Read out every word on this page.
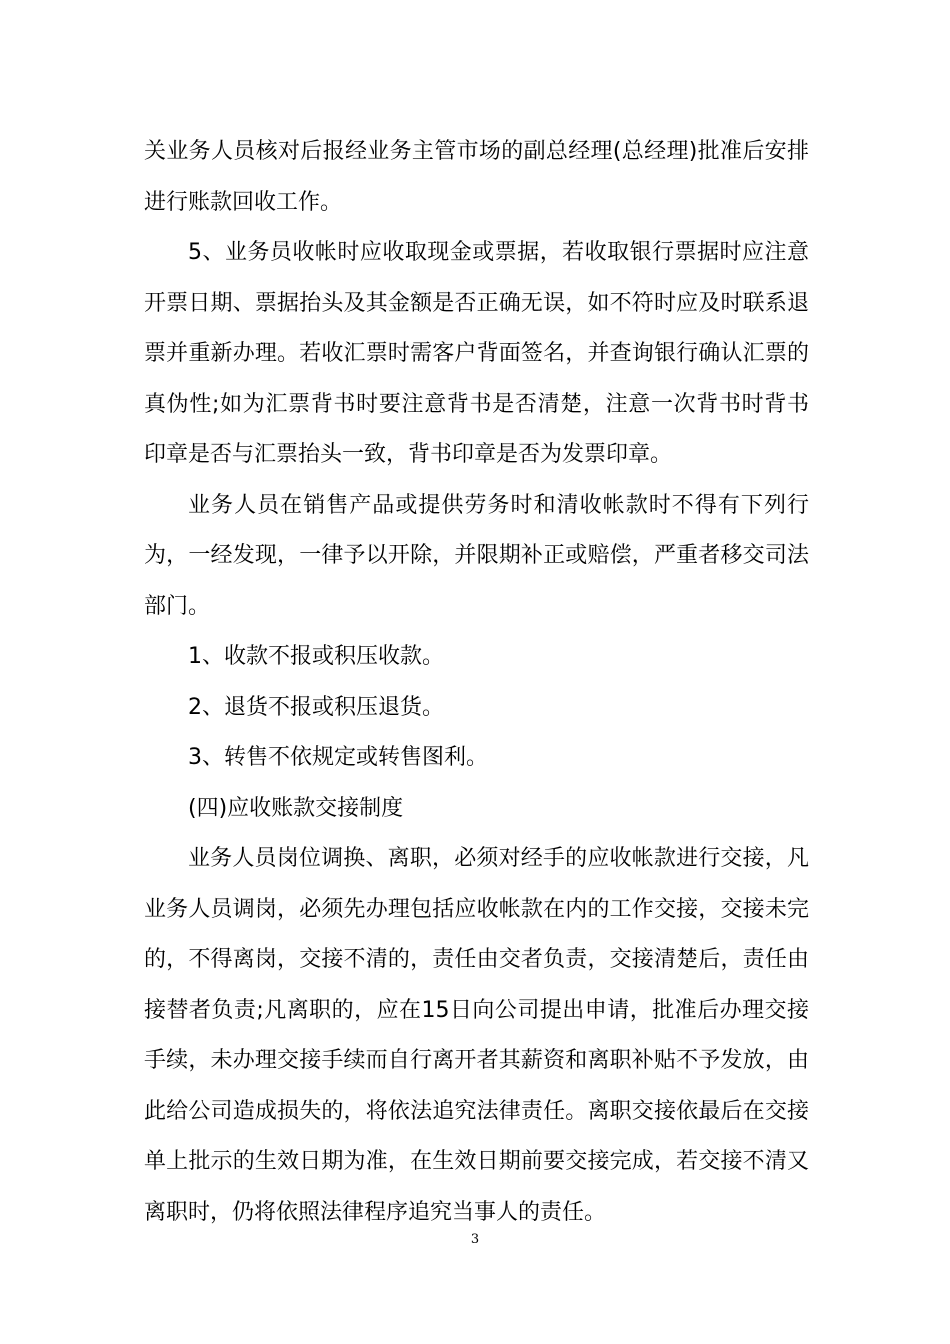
关业务人员核对后报经业务主管市场的副总经理(总经理)批准后安排进行账款回收工作。

5、业务员收帐时应收取现金或票据，若收取银行票据时应注意开票日期、票据抬头及其金额是否正确无误，如不符时应及时联系退票并重新办理。若收汇票时需客户背面签名，并查询银行确认汇票的真伪性;如为汇票背书时要注意背书是否清楚，注意一次背书时背书印章是否与汇票抬头一致，背书印章是否为发票印章。

业务人员在销售产品或提供劳务时和清收帐款时不得有下列行为，一经发现，一律予以开除，并限期补正或赔偿，严重者移交司法部门。

1、收款不报或积压收款。

2、退货不报或积压退货。

3、转售不依规定或转售图利。

(四)应收账款交接制度

业务人员岗位调换、离职，必须对经手的应收帐款进行交接，凡业务人员调岗，必须先办理包括应收帐款在内的工作交接，交接未完的，不得离岗，交接不清的，责任由交者负责，交接清楚后，责任由接替者负责;凡离职的，应在15日向公司提出申请，批准后办理交接手续，未办理交接手续而自行离开者其薪资和离职补贴不予发放，由此给公司造成损失的，将依法追究法律责任。离职交接依最后在交接单上批示的生效日期为准，在生效日期前要交接完成，若交接不清又离职时，仍将依照法律程序追究当事人的责任。

3
